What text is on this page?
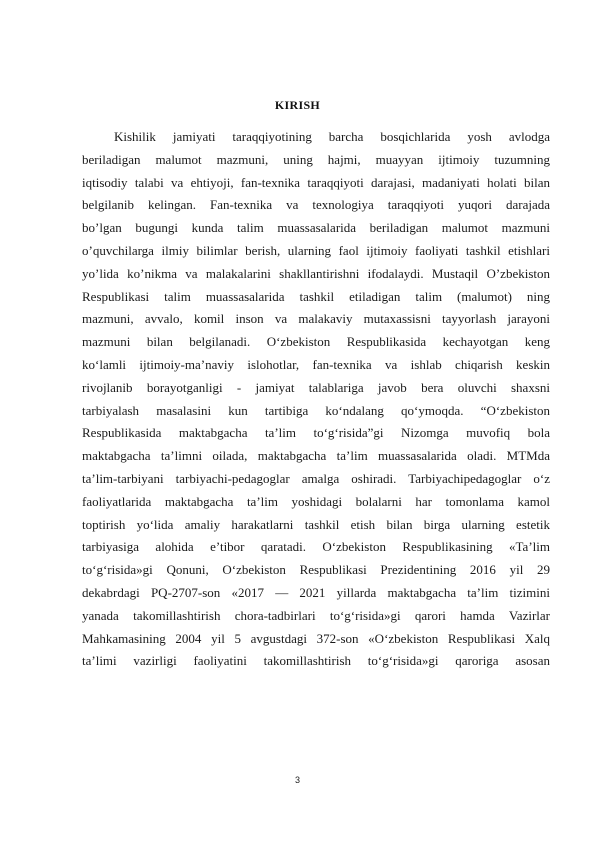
KIRISH
Kishilik jamiyati taraqqiyotining barcha bosqichlarida yosh avlodga
beriladigan malumot mazmuni, uning hajmi, muayyan ijtimoiy tuzumning
iqtisodiy talabi va ehtiyoji, fan-texnika taraqqiyoti darajasi, madaniyati holati bilan
belgilanib kelingan. Fan-texnika va texnologiya taraqqiyoti yuqori darajada
bo’lgan bugungi kunda talim muassasalarida beriladigan malumot mazmuni
o’quvchilarga ilmiy bilimlar berish, ularning faol ijtimoiy faoliyati tashkil etishlari
yo’lida ko’nikma va malakalarini shakllantirishni ifodalaydi. Mustaqil O’zbekiston
Respublikasi talim muassasalarida tashkil etiladigan talim (malumot) ning
mazmuni, avvalo, komil inson va malakaviy mutaxassisni tayyorlash jarayoni
mazmuni bilan belgilanadi. O‘zbekiston Respublikasida kechayotgan keng
ko‘lamli ijtimoiy-ma’naviy islohotlar, fan-texnika va ishlab chiqarish keskin
rivojlanib borayotganligi - jamiyat talablariga javob bera oluvchi shaxsni
tarbiyalash masalasini kun tartibiga ko‘ndalang qo‘ymoqda. “O‘zbekiston
Respublikasida maktabgacha ta’lim to‘g‘risida”gi Nizomga muvofiq bola
maktabgacha ta’limni oilada, maktabgacha ta’lim muassasalarida oladi. MTMda
ta’lim-tarbiyani tarbiyachi-pedagoglar amalga oshiradi. Tarbiyachipedagoglar o‘z
faoliyatlarida maktabgacha ta’lim yoshidagi bolalarni har tomonlama kamol
toptirish yo‘lida amaliy harakatlarni tashkil etish bilan birga ularning estetik
tarbiyasiga alohida e’tibor qaratadi. O‘zbekiston Respublikasining «Ta’lim
to‘g‘risida»gi Qonuni, O‘zbekiston Respublikasi Prezidentining 2016 yil 29
dekabrdagi PQ-2707-son «2017 — 2021 yillarda maktabgacha ta’lim tizimini
yanada takomillashtirish chora-tadbirlari to‘g‘risida»gi qarori hamda Vazirlar
Mahkamasining 2004 yil 5 avgustdagi 372-son «O‘zbekiston Respublikasi Xalq
ta’limi vazirligi faoliyatini takomillashtirish to‘g‘risida»gi qaroriga asosan
3
